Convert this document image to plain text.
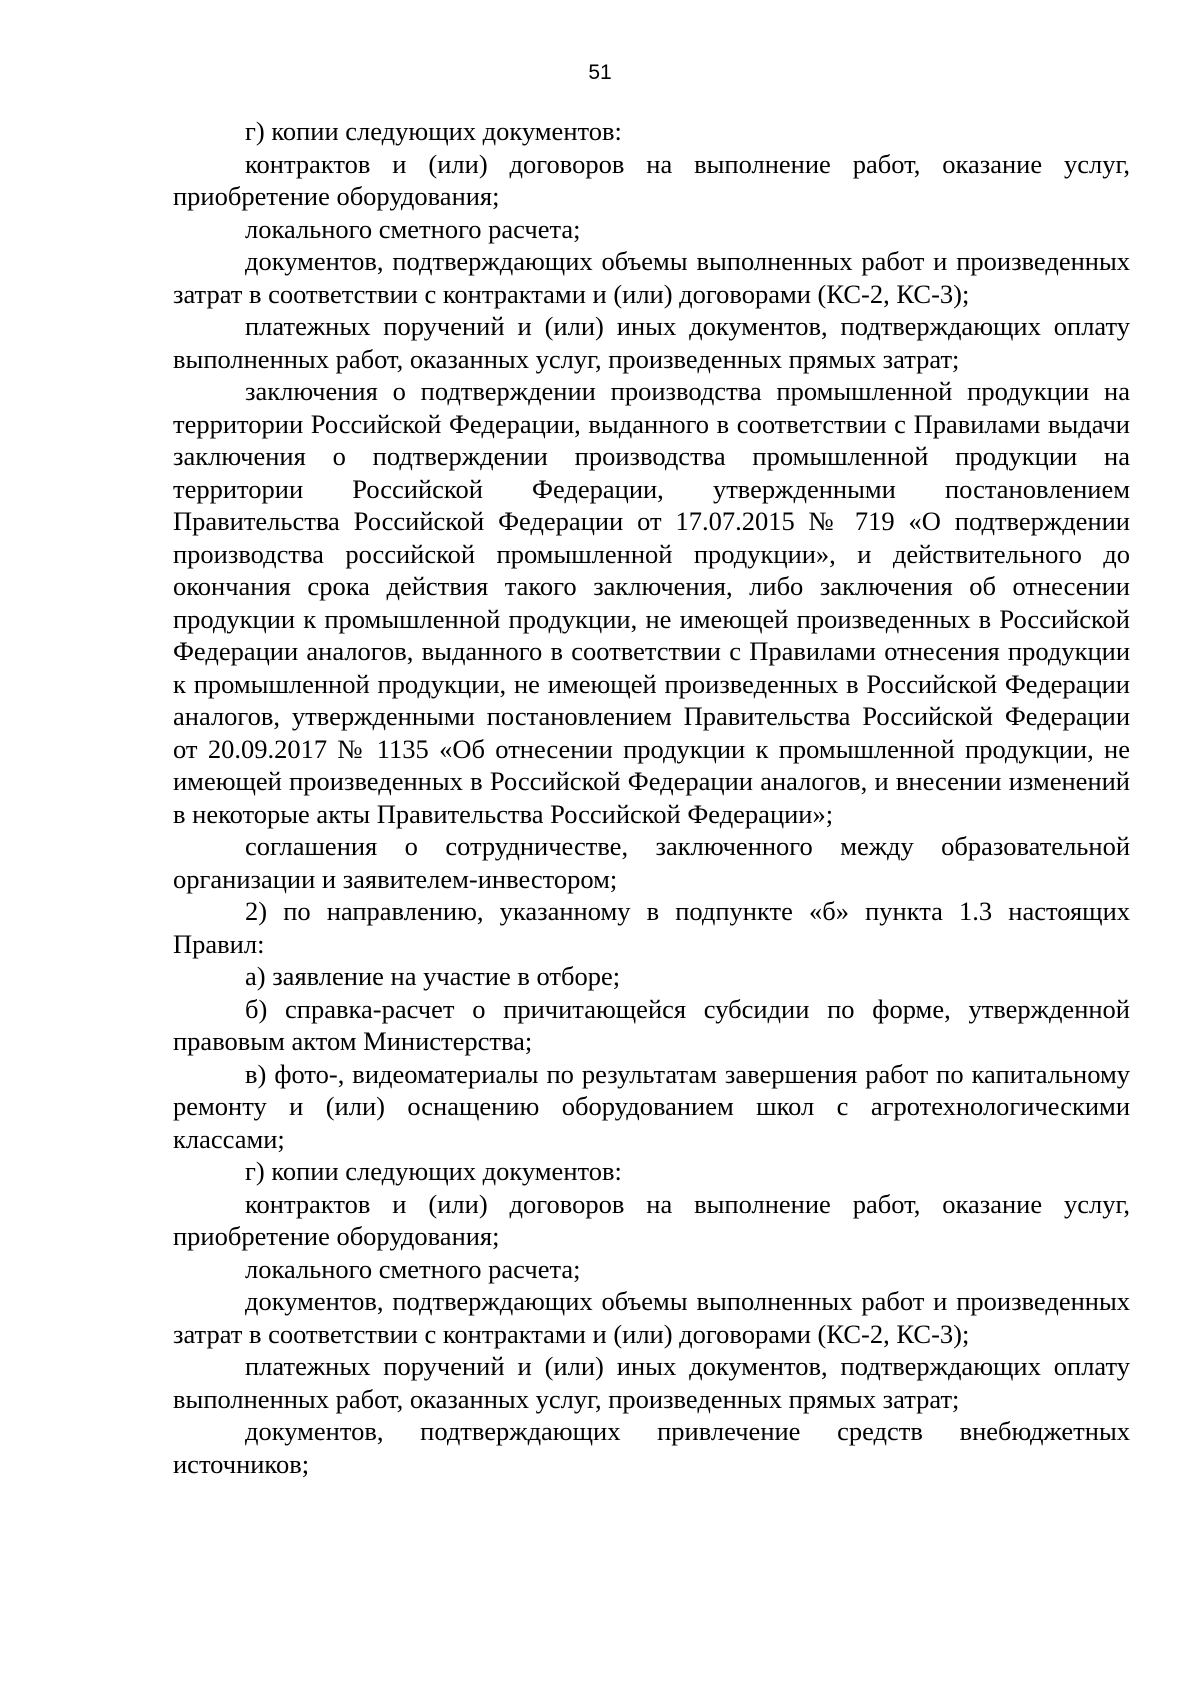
51

г) копии следующих документов:

контрактов и (или) договоров на выполнение работ, оказание услуг, приобретение оборудования;

локального сметного расчета;

документов, подтверждающих объемы выполненных работ и произведенных затрат в соответствии с контрактами и (или) договорами (КС-2, КС-3);

платежных поручений и (или) иных документов, подтверждающих оплату выполненных работ, оказанных услуг, произведенных прямых затрат;

заключения о подтверждении производства промышленной продукции на территории Российской Федерации, выданного в соответствии с Правилами выдачи заключения о подтверждении производства промышленной продукции на территории Российской Федерации, утвержденными постановлением Правительства Российской Федерации от 17.07.2015 № 719 «О подтверждении производства российской промышленной продукции», и действительного до окончания срока действия такого заключения, либо заключения об отнесении продукции к промышленной продукции, не имеющей произведенных в Российской Федерации аналогов, выданного в соответствии с Правилами отнесения продукции к промышленной продукции, не имеющей произведенных в Российской Федерации аналогов, утвержденными постановлением Правительства Российской Федерации от 20.09.2017 № 1135 «Об отнесении продукции к промышленной продукции, не имеющей произведенных в Российской Федерации аналогов, и внесении изменений в некоторые акты Правительства Российской Федерации»;

соглашения о сотрудничестве, заключенного между образовательной организации и заявителем-инвестором;

2) по направлению, указанному в подпункте «б» пункта 1.3 настоящих Правил:

а) заявление на участие в отборе;

б) справка-расчет о причитающейся субсидии по форме, утвержденной правовым актом Министерства;

в) фото-, видеоматериалы по результатам завершения работ по капитальному ремонту и (или) оснащению оборудованием школ с агротехнологическими классами;

г) копии следующих документов:

контрактов и (или) договоров на выполнение работ, оказание услуг, приобретение оборудования;

локального сметного расчета;

документов, подтверждающих объемы выполненных работ и произведенных затрат в соответствии с контрактами и (или) договорами (КС-2, КС-3);

платежных поручений и (или) иных документов, подтверждающих оплату выполненных работ, оказанных услуг, произведенных прямых затрат;

документов, подтверждающих привлечение средств внебюджетных источников;
